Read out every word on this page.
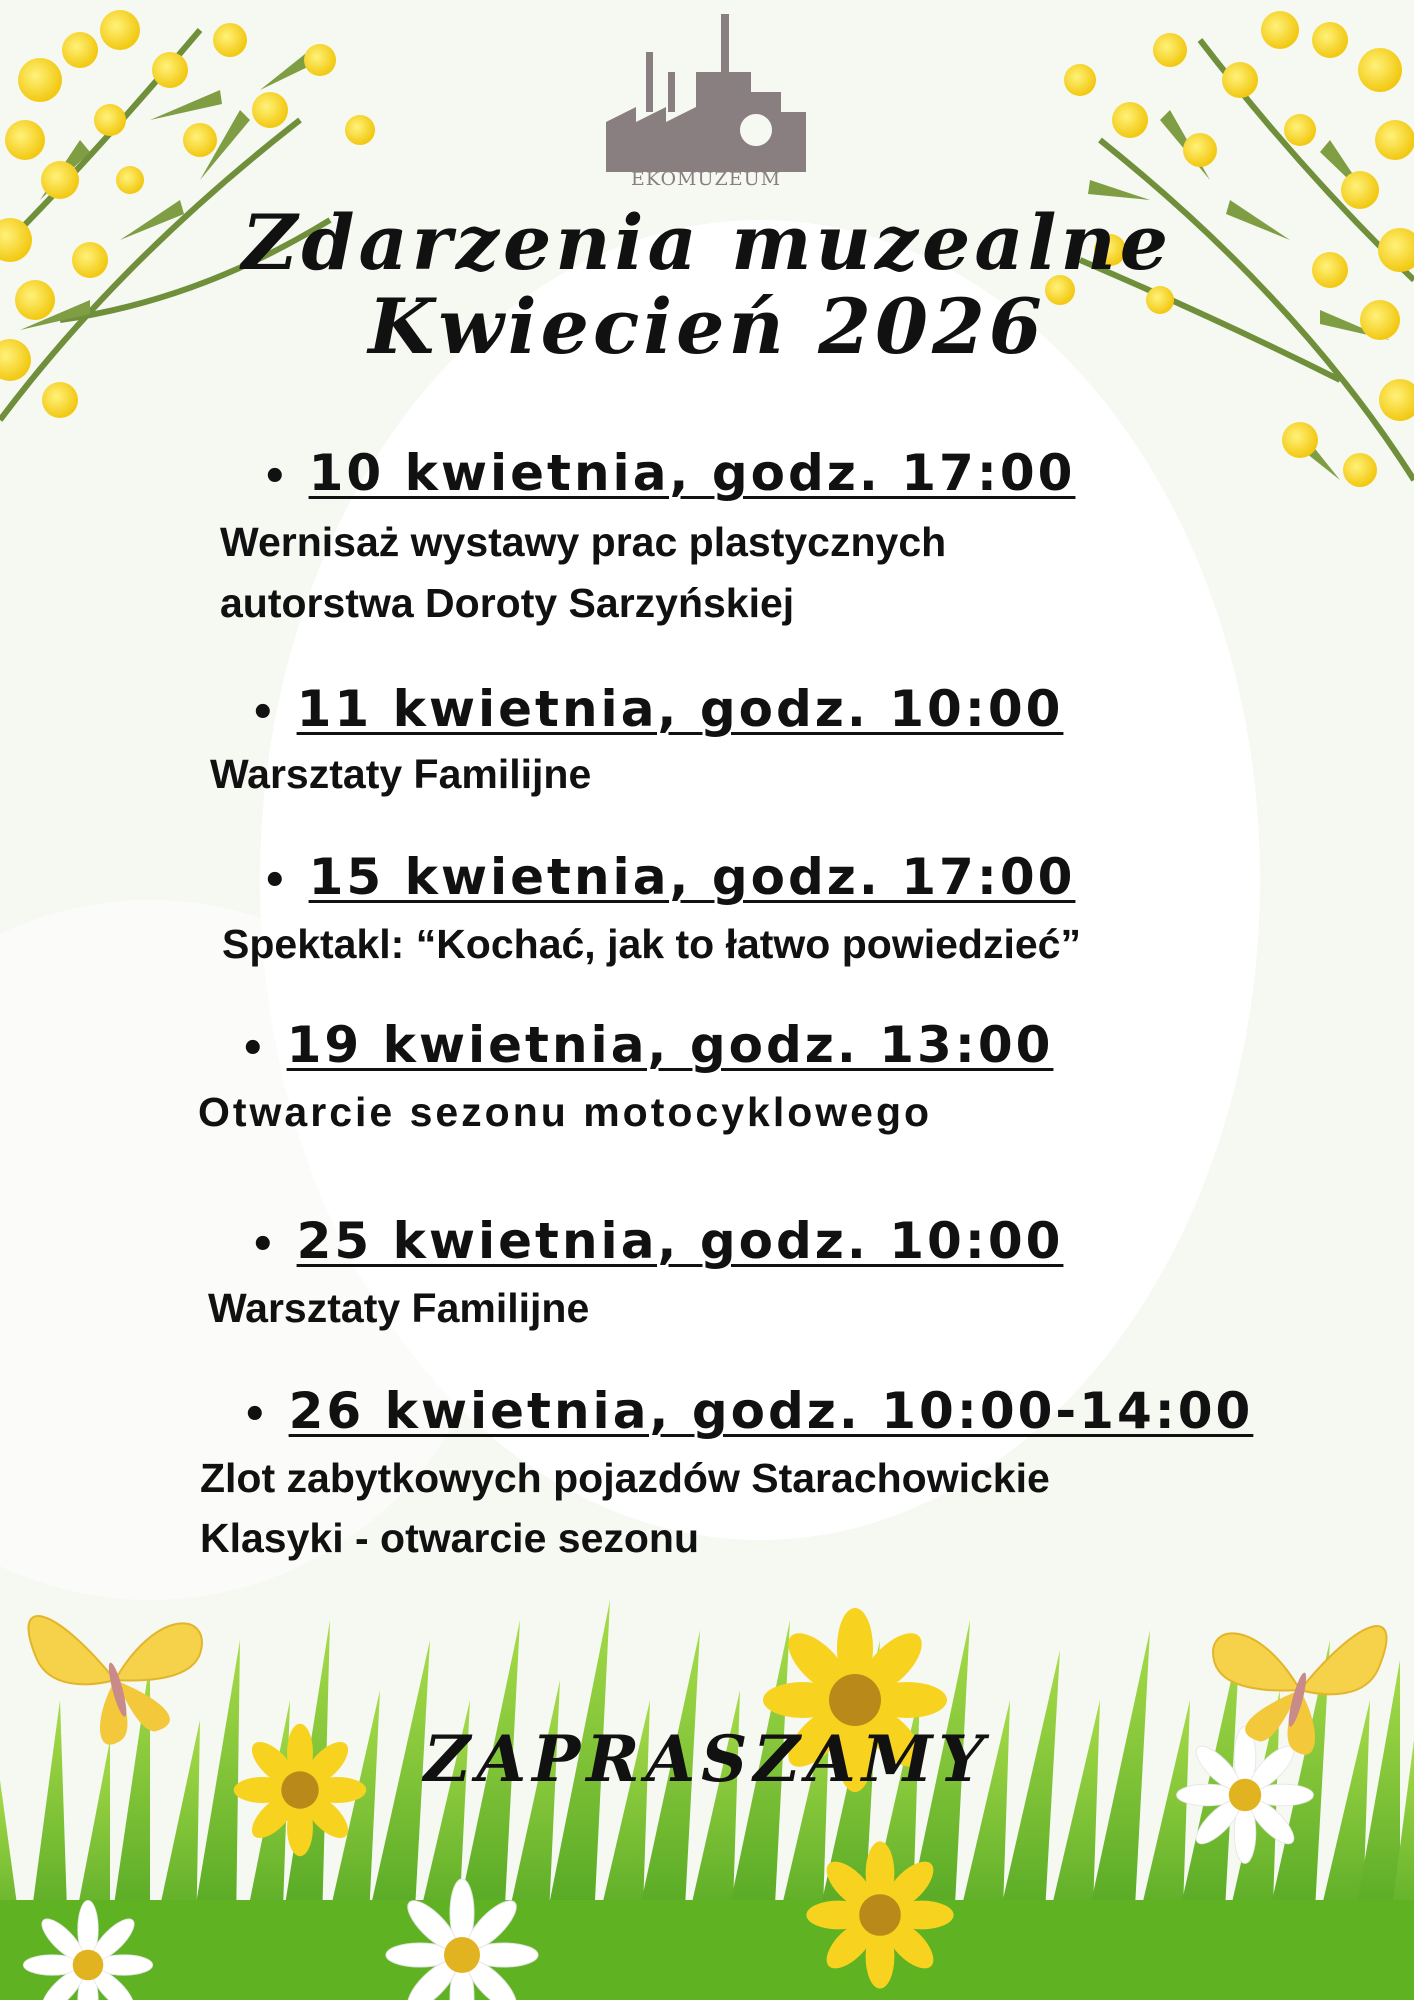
EKOMUZEUM
Zdarzenia muzealne
Kwiecień 2026
• 10 kwietnia, godz. 17:00
Wernisaż wystawy prac plastycznych
autorstwa Doroty Sarzyńskiej
• 11 kwietnia, godz. 10:00
Warsztaty Familijne
• 15 kwietnia, godz. 17:00
Spektakl: “Kochać, jak to łatwo powiedzieć”
• 19 kwietnia, godz. 13:00
Otwarcie sezonu motocyklowego
• 25 kwietnia, godz. 10:00
Warsztaty Familijne
• 26 kwietnia, godz. 10:00-14:00
Zlot zabytkowych pojazdów Starachowickie
Klasyki - otwarcie sezonu
ZAPRASZAMY
